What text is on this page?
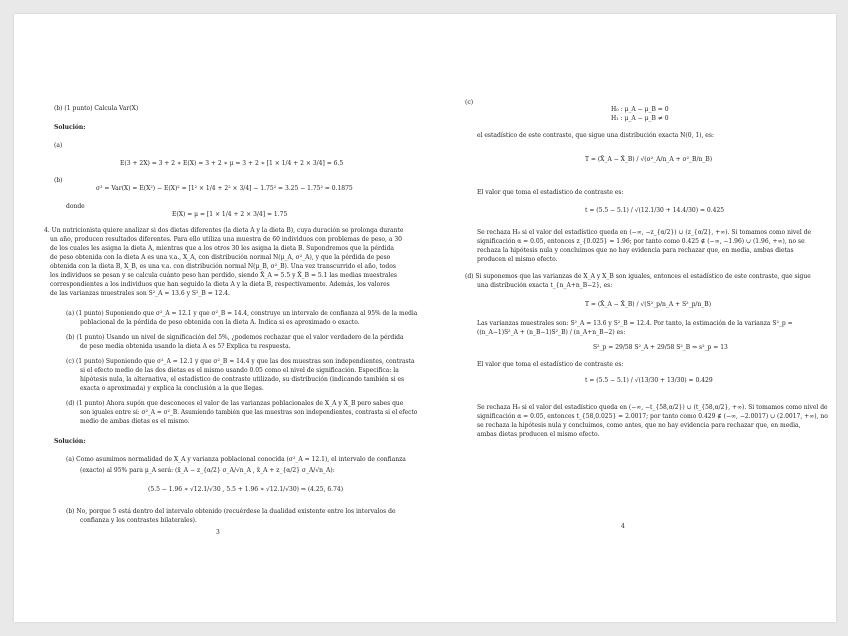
(b) (1 punto) Calcula Var(X)
Solución:
(a)
E(3 + 2X) = 3 + 2 ∗ E(X) = 3 + 2 ∗ μ = 3 + 2 ∗ [1 × 1/4 + 2 × 3/4] = 6.5
(b)
σ² = Var(X) = E(X²) − E(X)² = [1² × 1/4 + 2² × 3/4] − 1.75² = 3.25 − 1.75² = 0.1875
donde
E(X) = μ = [1 × 1/4 + 2 × 3/4] = 1.75
4. Un nutricionista quiere analizar si dos dietas diferentes (la dieta A y la dieta B), cuya duración se prolonga durante
un año, producen resultados diferentes. Para ello utiliza una muestra de 60 individuos con problemas de peso, a 30
de los cuales les asigna la dieta A, mientras que a los otros 30 les asigna la dieta B. Supondremos que la pérdida
de peso obtenida con la dieta A es una v.a., X_A, con distribución normal N(μ_A, σ²_A), y que la pérdida de peso
obtenida con la dieta B, X_B, es una v.a. con distribución normal N(μ_B, σ²_B). Una vez transcurrido el año, todos
los individuos se pesan y se calcula cuánto peso han perdido, siendo X̄_A = 5.5 y X̄_B = 5.1 las medias muestrales
correspondientes a los individuos que han seguido la dieta A y la dieta B, respectivamente. Además, los valores
de las varianzas muestrales son S²_A = 13.6 y S²_B = 12.4.
(a) (1 punto) Suponiendo que σ²_A = 12.1 y que σ²_B = 14.4, construye un intervalo de confianza al 95% de la media
poblacional de la pérdida de peso obtenida con la dieta A. Indica si es aproximado o exacto.
(b) (1 punto) Usando un nivel de significación del 5%, ¿podemos rechazar que el valor verdadero de la pérdida
de peso media obtenida usando la dieta A es 5? Explica tu respuesta.
(c) (1 punto) Suponiendo que σ²_A = 12.1 y que σ²_B = 14.4 y que las dos muestras son independientes, contrasta
si el efecto medio de las dos dietas es el mismo usando 0.05 como el nivel de significación. Especifica: la
hipótesis nula, la alternativa, el estadístico de contraste utilizado, su distribución (indicando también si es
exacta o aproximada) y explica la conclusión a la que llegas.
(d) (1 punto) Ahora supón que desconoces el valor de las varianzas poblacionales de X_A y X_B pero sabes que
son iguales entre sí: σ²_A = σ²_B. Asumiendo también que las muestras son independientes, contrasta si el efecto
medio de ambas dietas es el mismo.
Solución:
(a) Como asumimos normalidad de X_A y varianza poblacional conocida (σ²_A = 12.1), el intervalo de confianza
(exacto) al 95% para μ_A será: (x̄_A − z_{α/2} σ_A/√n_A , x̄_A + z_{α/2} σ_A/√n_A):
(5.5 − 1.96 ∗ √12.1/√30 , 5.5 + 1.96 ∗ √12.1/√30) ⇒ (4.25, 6.74)
(b) No, porque 5 está dentro del intervalo obtenido (recuérdese la dualidad existente entre los intervalos de
confianza y los contrastes bilaterales).
3
(c)
H₀ : μ_A − μ_B = 0
H₁ : μ_A − μ_B ≠ 0
el estadístico de este contraste, que sigue una distribución exacta N(0, 1), es:
T = (X̄_A − X̄_B) / √(σ²_A/n_A + σ²_B/n_B)
El valor que toma el estadístico de contraste es:
t = (5.5 − 5.1) / √(12.1/30 + 14.4/30) = 0.425
Se rechaza H₀ si el valor del estadístico queda en (−∞, −z_{α/2}) ∪ (z_{α/2}, +∞). Si tomamos como nivel de
significación α = 0.05, entonces z_{0.025} = 1.96; por tanto como 0.425 ∉ (−∞, −1.96) ∪ (1.96, +∞), no se
rechaza la hipótesis nula y concluimos que no hay evidencia para rechazar que, en media, ambas dietas
producen el mismo efecto.
(d) Si suponemos que las varianzas de X_A y X_B son iguales, entonces el estadístico de este contraste, que sigue
una distribución exacta t_{n_A+n_B−2}, es:
T = (X̄_A − X̄_B) / √(S²_p/n_A + S²_p/n_B)
Las varianzas muestrales son: S²_A = 13.6 y S²_B = 12.4. Por tanto, la estimación de la varianza S²_p =
((n_A−1)S²_A + (n_B−1)S²_B) / (n_A+n_B−2) es:
S²_p = 29/58 S²_A + 29/58 S²_B ⇒ s²_p = 13
El valor que toma el estadístico de contraste es:
t = (5.5 − 5.1) / √(13/30 + 13/30) = 0.429
Se rechaza H₀ si el valor del estadístico queda en (−∞, −t_{58,α/2}) ∪ (t_{58,α/2}, +∞). Si tomamos como nivel de
significación α = 0.05, entonces t_{58,0.025} = 2.0017; por tanto como 0.429 ∉ (−∞, −2.0017) ∪ (2.0017, +∞), no
se rechaza la hipótesis nula y concluimos, como antes, que no hay evidencia para rechazar que, en media,
ambas dietas producen el mismo efecto.
4
